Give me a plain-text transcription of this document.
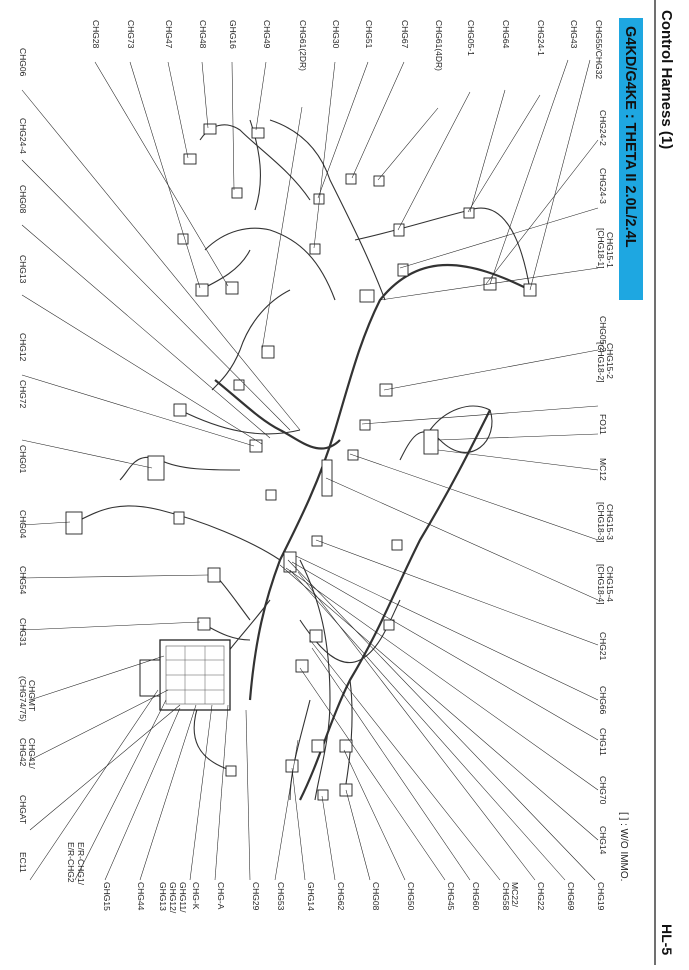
Control Harness (1)
HL-5
G4KD/G4KE : THETA II 2.0L/2.4L
[ ] : W/O IMMO.
CHG55/CHG32
CHG43
CHG24-1
CHG64
CHG05-1
CHG61(4DR)
CHG67
CHG51
CHG30
CHG61(2DR)
CHG49
GHG16
CHG48
CHG47
CHG73
CHG28
CHG24-2
CHG24-3
CHG15-1
[CHG18-1]
CHG05-2
CHG15-2
[CHG18-2]
FO11
MC12
CHG15-3
[CHG18-3]
CHG15-4
[CHG18-4]
CHG21
CHG66
CHG11
CHG70
CHG14
CHG06
CHG24-4
CHG08
CHG13
CHG12
CHG72
CHG01
CHG04
CHG54
CHG31
CHGMT
(CHG74/75)
CHG41/
CHG42
CHGAT
EC11
CHG19
CHG69
CHG22
MC22/
CHG58
CHG60
CHG45
CHG50
CHG08
CHG62
GHG14
CHG53
CHG29
CHG-A
CHG-K
GHG11/
GHG12/
GHG13
CHG44
GHG15
E/R-CHG1/
E/R-CHG2
